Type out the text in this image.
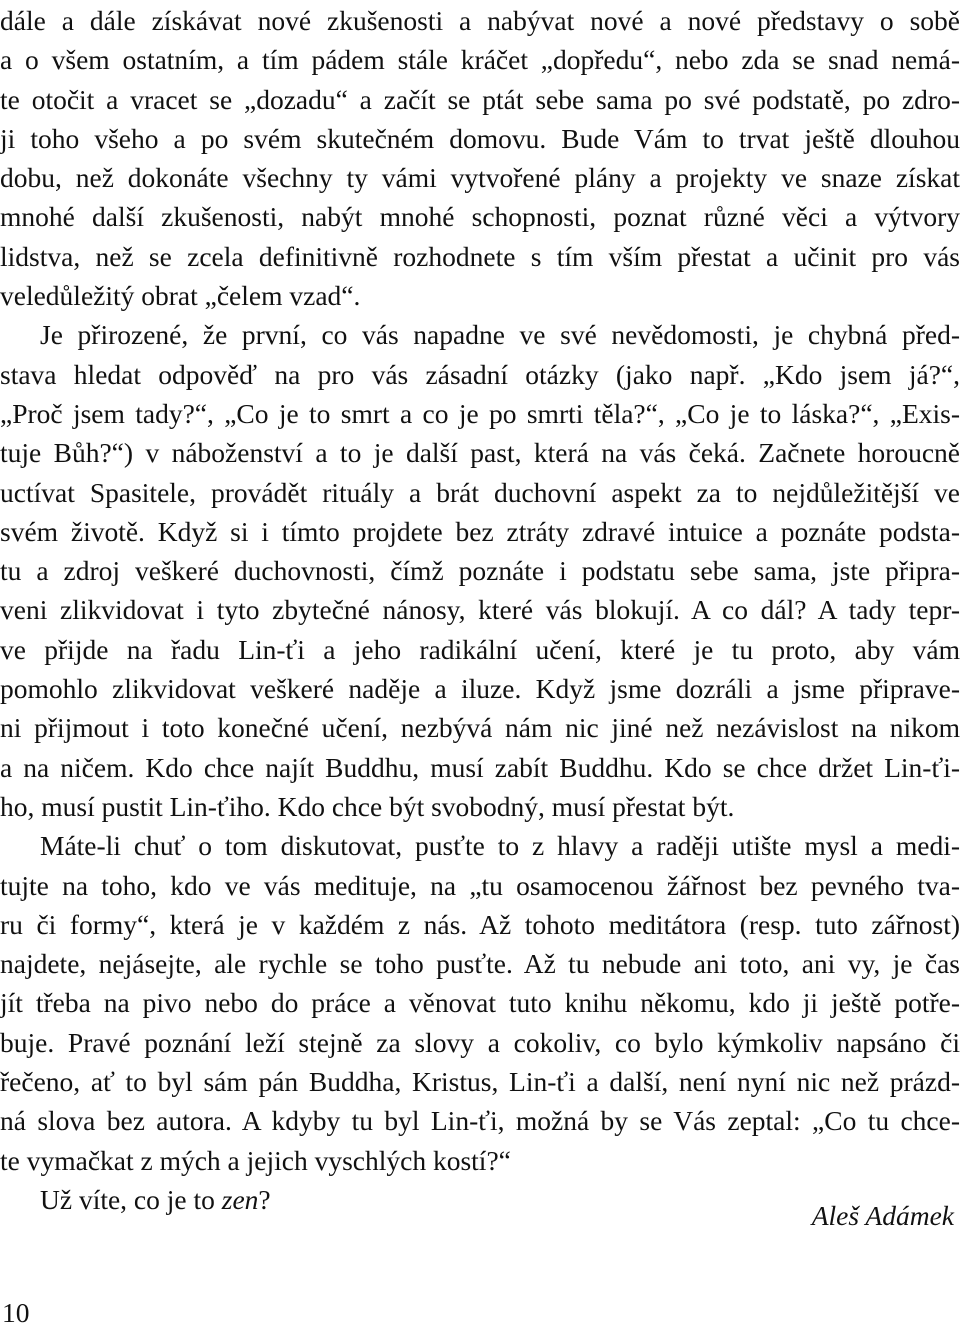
dále a dále získávat nové zkušenosti a nabývat nové a nové představy o sobě
a o všem ostatním, a tím pádem stále kráčet „dopředu“, nebo zda se snad nemá-
te otočit a vracet se „dozadu“ a začít se ptát sebe sama po své podstatě, po zdro-
ji toho všeho a po svém skutečném domovu. Bude Vám to trvat ještě dlouhou
dobu, než dokonáte všechny ty vámi vytvořené plány a projekty ve snaze získat
mnohé další zkušenosti, nabýt mnohé schopnosti, poznat různé věci a výtvory
lidstva, než se zcela definitivně rozhodnete s tím vším přestat a učinit pro vás
veledůležitý obrat „čelem vzad“.
Je přirozené, že první, co vás napadne ve své nevědomosti, je chybná před-
stava hledat odpověď na pro vás zásadní otázky (jako např. „Kdo jsem já?“,
„Proč jsem tady?“, „Co je to smrt a co je po smrti těla?“, „Co je to láska?“, „Exis-
tuje Bůh?“) v náboženství a to je další past, která na vás čeká. Začnete horoucně
uctívat Spasitele, provádět rituály a brát duchovní aspekt za to nejdůležitější ve
svém životě. Když si i tímto projdete bez ztráty zdravé intuice a poznáte podsta-
tu a zdroj veškeré duchovnosti, čímž poznáte i podstatu sebe sama, jste připra-
veni zlikvidovat i tyto zbytečné nánosy, které vás blokují. A co dál? A tady tepr-
ve přijde na řadu Lin-ťi a jeho radikální učení, které je tu proto, aby vám
pomohlo zlikvidovat veškeré naděje a iluze. Když jsme dozráli a jsme připrave-
ni přijmout i toto konečné učení, nezbývá nám nic jiné než nezávislost na nikom
a na ničem. Kdo chce najít Buddhu, musí zabít Buddhu. Kdo se chce držet Lin-ťi-
ho, musí pustit Lin-ťiho. Kdo chce být svobodný, musí přestat být.
Máte-li chuť o tom diskutovat, pusťte to z hlavy a raději utište mysl a medi-
tujte na toho, kdo ve vás medituje, na „tu osamocenou žářnost bez pevného tva-
ru či formy“, která je v každém z nás. Až tohoto meditátora (resp. tuto zářnost)
najdete, nejásejte, ale rychle se toho pusťte. Až tu nebude ani toto, ani vy, je čas
jít třeba na pivo nebo do práce a věnovat tuto knihu někomu, kdo ji ještě potře-
buje. Pravé poznání leží stejně za slovy a cokoliv, co bylo kýmkoliv napsáno či
řečeno, ať to byl sám pán Buddha, Kristus, Lin-ťi a další, není nyní nic než prázd-
ná slova bez autora. A kdyby tu byl Lin-ťi, možná by se Vás zeptal: „Co tu chce-
te vymačkat z mých a jejich vyschlých kostí?“
Už víte, co je to zen?
Aleš Adámek
10
